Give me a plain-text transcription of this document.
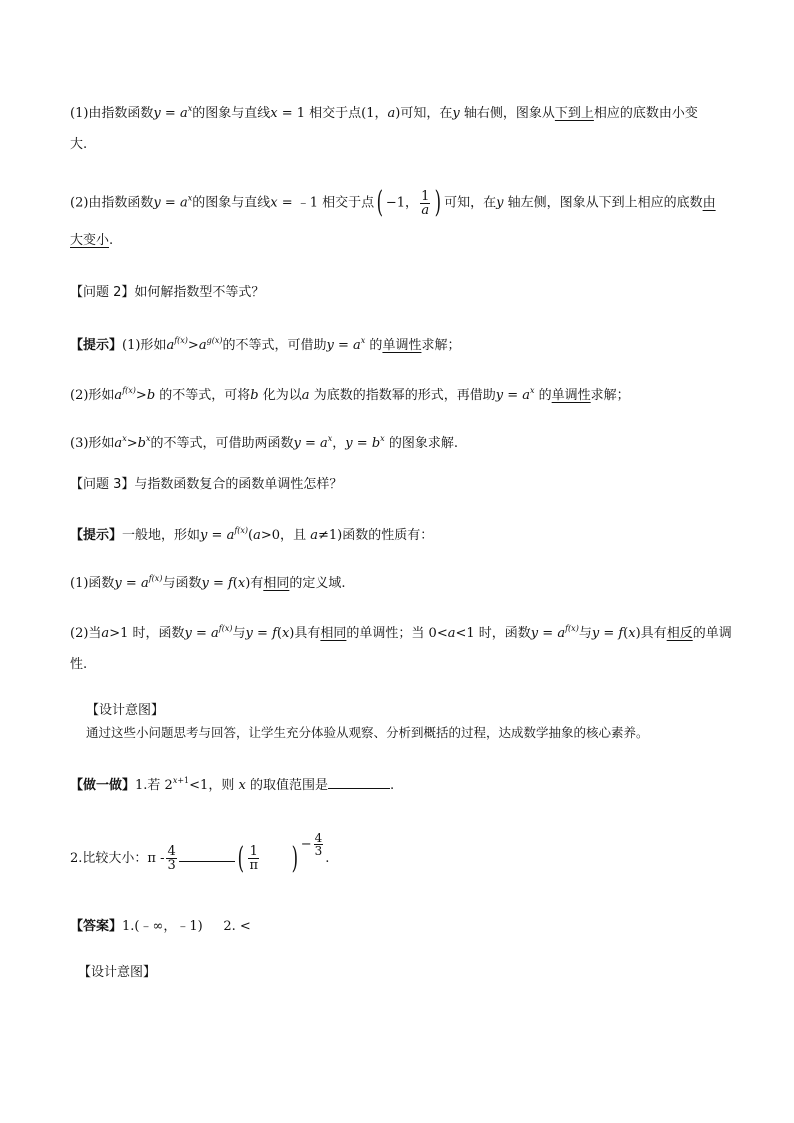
(1)由指数函数$y = a^x$的图象与直线x = 1 相交于点(1，a)可知，在y 轴右侧，图象从下到上相应的底数由小变
大.
(2)由指数函数$y = a^x$的图象与直线x = ﹣1 相交于点( −1， $\frac{1}{a}$ ) 可知，在y 轴左侧，图象从下到上相应的底数由
大变小.
【问题 2】如何解指数型不等式？
【提示】(1)形如$a^{f(x)}>a^{g(x)}$的不等式，可借助$y = a^x$ 的单调性求解；
(2)形如$a^{f(x)}>b$ 的不等式，可将b 化为以a 为底数的指数幂的形式，再借助$y = a^x$ 的单调性求解；
(3)形如$a^x>b^x$的不等式，可借助两函数$y = a^x$，$y = b^x$ 的图象求解.
【问题 3】与指数函数复合的函数单调性怎样？
【提示】一般地，形如$y = a^{f(x)}(a>0$，且 a≠1)函数的性质有：
(1)函数$y = a^{f(x)}$与函数y = f(x)有相同的定义域.
(2)当a>1 时，函数$y = a^{f(x)}$与y = f(x)具有相同的单调性；当 0<a<1 时，函数$y = a^{f(x)}$与y = f(x)具有相反的单调
性.
【设计意图】
通过这些小问题思考与回答，让学生充分体验从观察、分析到概括的过程，达成数学抽象的核心素养。
【做一做】1.若 $2^{x+1}<1$，则 x 的取值范围是	.
2.比较大小：π - $\frac{4}{3}$ ( $\frac{1}{\pi}$ ) − $\frac{4}{3}$
.
【答案】1.(﹣∞，﹣1)     2. <
【设计意图】
